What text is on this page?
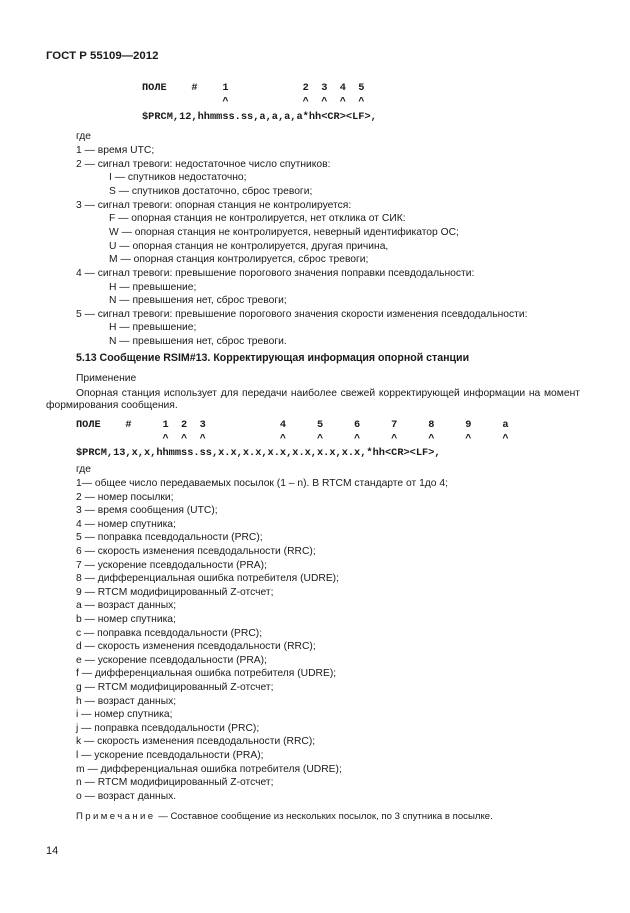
ГОСТ Р 55109—2012
ПОЛЕ    #    1            2  3  4  5
^            ^  ^  ^  ^
$PRCM,12,hhmmss.ss,a,a,a,a*hh<CR><LF>,
где
1 — время UTC;
2 — сигнал тревоги: недостаточное число спутников:
I — спутников недостаточно;
S — спутников достаточно, сброс тревоги;
3 — сигнал тревоги: опорная станция не контролируется:
F — опорная станция не контролируется, нет отклика от СИК:
W — опорная станция не контролируется, неверный идентификатор ОС;
U — опорная станция не контролируется, другая причина,
M — опорная станция контролируется, сброс тревоги;
4 — сигнал тревоги: превышение порогового значения поправки псевдодальности:
H — превышение;
N — превышения нет, сброс тревоги;
5 — сигнал тревоги: превышение порогового значения скорости изменения псевдодальности:
H — превышение;
N — превышения нет, сброс тревоги.
5.13 Сообщение RSIM#13. Корректирующая информация опорной станции
Применение
Опорная станция использует для передачи наиболее свежей корректирующей информации на момент формирования сообщения.
ПОЛЕ    #     1  2  3            4     5     6     7     8     9     a
^  ^  ^            ^     ^     ^     ^     ^     ^     ^
$PRCM,13,x,x,hhmmss.ss,x.x,x.x,x.x,x.x,x.x,x.x,*hh<CR><LF>,
где
1— общее число передаваемых посылок (1 – n). В RTCM стандарте от 1до 4;
2 — номер посылки;
3 — время сообщения (UTC);
4 — номер спутника;
5 — поправка псевдодальности (PRC);
6 — скорость изменения псевдодальности (RRC);
7 — ускорение псевдодальности (PRA);
8 — дифференциальная ошибка потребителя (UDRE);
9 — RTCM модифицированный Z-отсчет;
a — возраст данных;
b — номер спутника;
c — поправка псевдодальности (PRC);
d — скорость изменения псевдодальности (RRC);
e — ускорение псевдодальности (PRA);
f — дифференциальная ошибка потребителя (UDRE);
g — RTCM модифицированный Z-отсчет;
h — возраст данных;
i — номер спутника;
j — поправка псевдодальности (PRC);
k — скорость изменения псевдодальности (RRC);
l — ускорение псевдодальности (PRA);
m — дифференциальная ошибка потребителя (UDRE);
n — RTCM модифицированный Z-отсчет;
o — возраст данных.
Примечание — Составное сообщение из нескольких посылок, по 3 спутника в посылке.
14
